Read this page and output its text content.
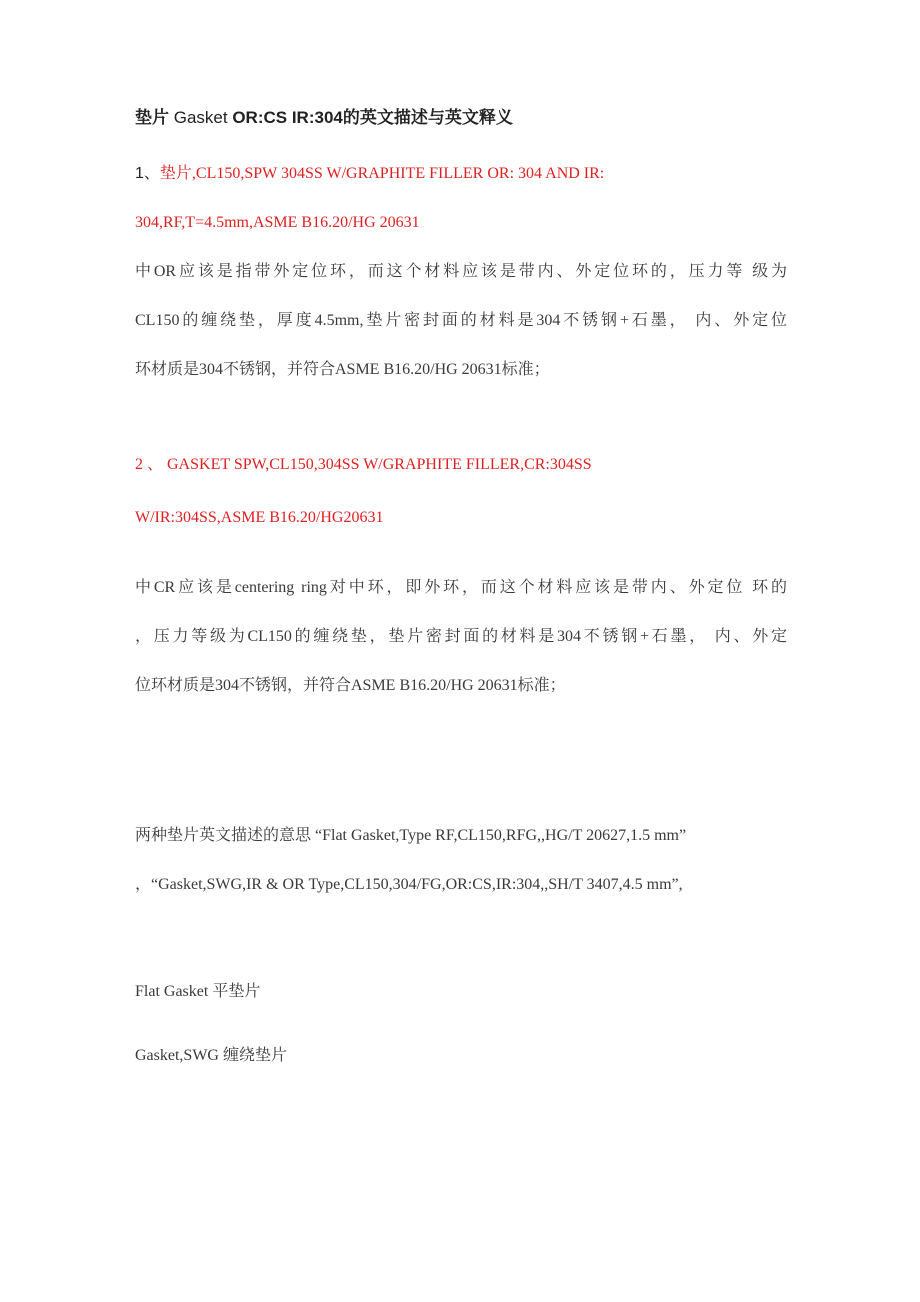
垫片 Gasket OR:CS IR:304的英文描述与英文释义
1、垫片,CL150,SPW 304SS W/GRAPHITE FILLER OR: 304 AND IR:
304,RF,T=4.5mm,ASME B16.20/HG 20631
中OR应该是指带外定位环，而这个材料应该是带内、外定位环的，压力等 级为
CL150的缠绕垫，厚度4.5mm,垫片密封面的材料是304不锈钢+石墨， 内、外定位
环材质是304不锈钢，并符合ASME B16.20/HG 20631标准；
2 、 GASKET SPW,CL150,304SS W/GRAPHITE FILLER,CR:304SS
W/IR:304SS,ASME B16.20/HG20631
中CR应该是centering ring对中环，即外环，而这个材料应该是带内、外定位 环的
，压力等级为CL150的缠绕垫，垫片密封面的材料是304不锈钢+石墨， 内、外定
位环材质是304不锈钢，并符合ASME B16.20/HG 20631标准；
两种垫片英文描述的意思 “Flat Gasket,Type RF,CL150,RFG,,HG/T 20627,1.5 mm”
，“Gasket,SWG,IR & OR Type,CL150,304/FG,OR:CS,IR:304,,SH/T 3407,4.5 mm”,
Flat Gasket 平垫片
Gasket,SWG 缠绕垫片
